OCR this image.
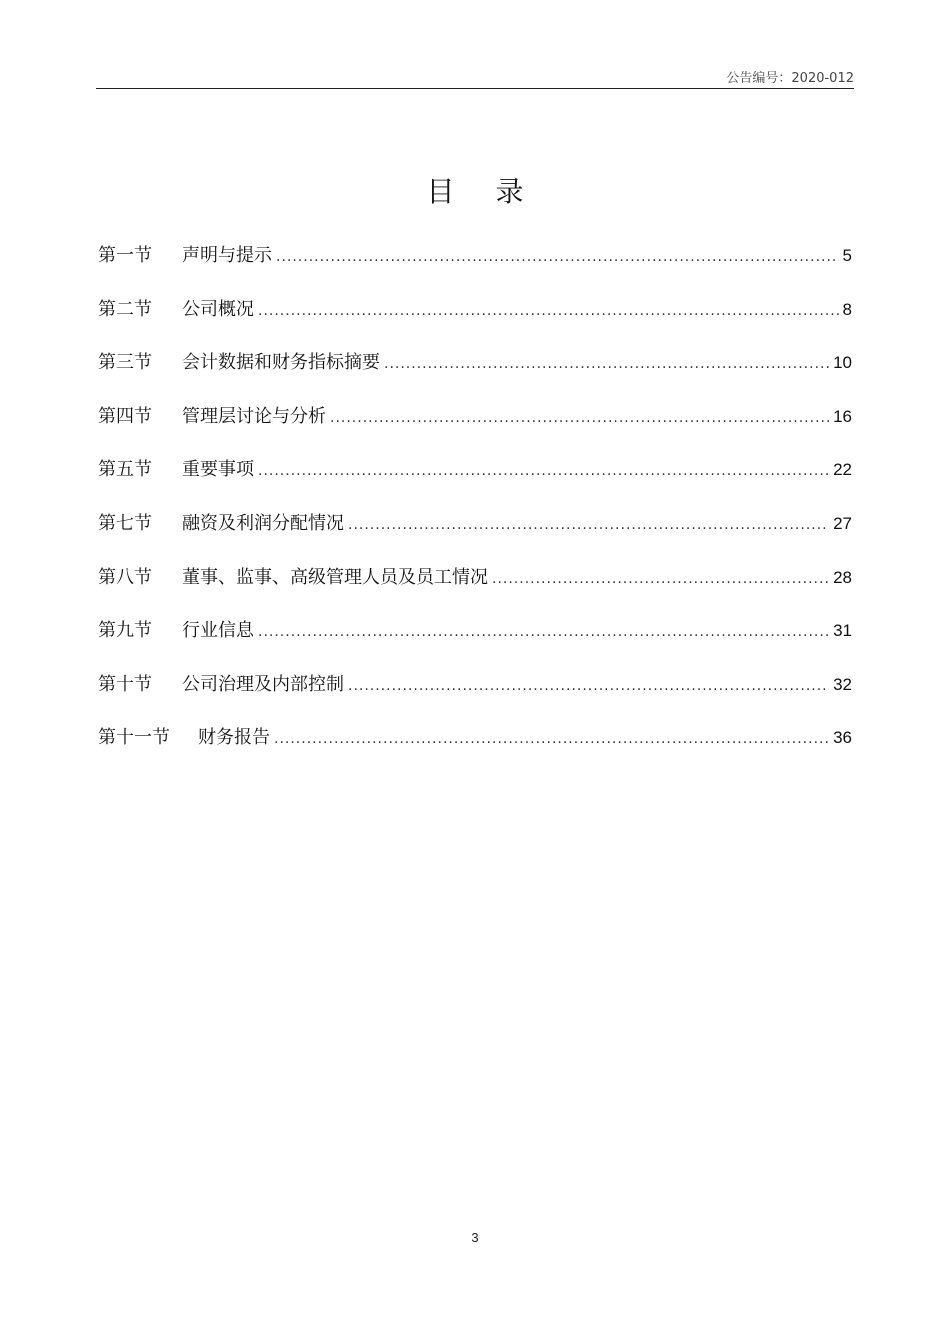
公告编号：2020-012
目 录
第一节	声明与提示 .....	5
第二节	公司概况 .....	8
第三节	会计数据和财务指标摘要 .....	10
第四节	管理层讨论与分析 .....	16
第五节	重要事项 .....	22
第七节	融资及利润分配情况 .....	27
第八节	董事、监事、高级管理人员及员工情况 .....	28
第九节	行业信息 .....	31
第十节	公司治理及内部控制 .....	32
第十一节	财务报告 .....	36
3
